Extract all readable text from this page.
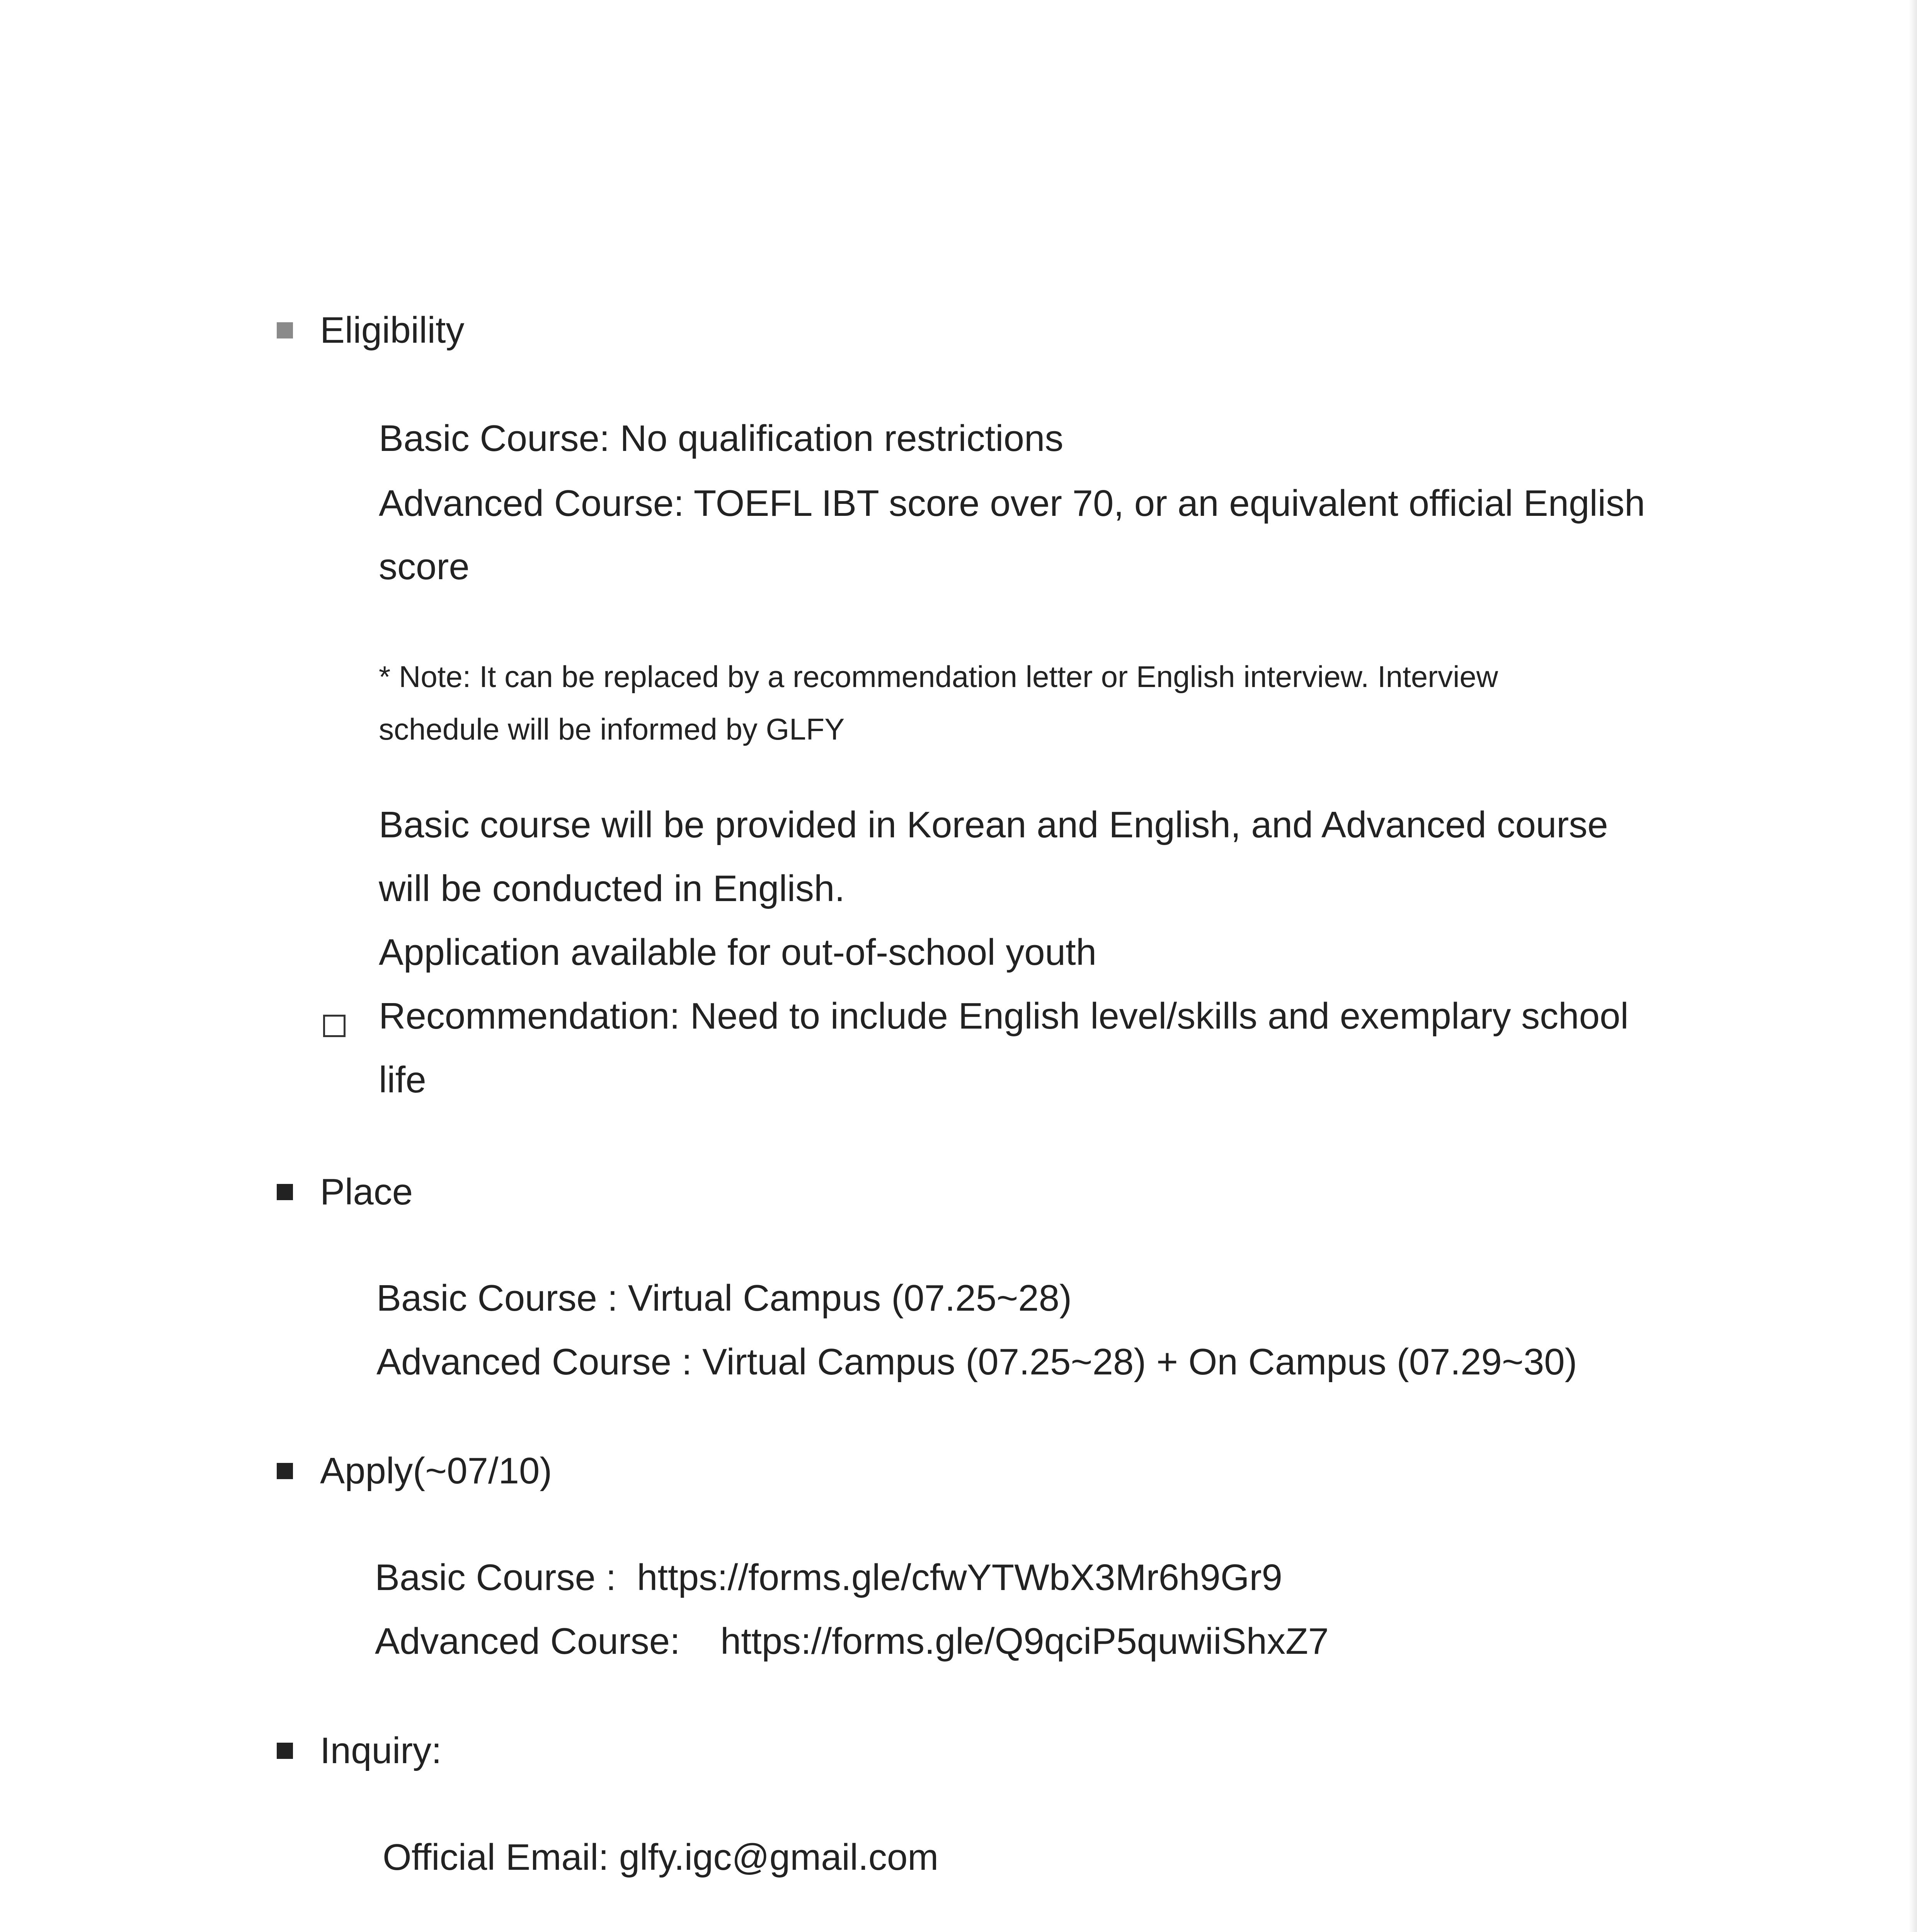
Eligibility
Basic Course: No qualification restrictions
Advanced Course: TOEFL IBT score over 70, or an equivalent official English
score
* Note: It can be replaced by a recommendation letter or English interview. Interview
schedule will be informed by GLFY
Basic course will be provided in Korean and English, and Advanced course
will be conducted in English.
Application available for out-of-school youth
Recommendation: Need to include English level/skills and exemplary school
life
Place
Basic Course : Virtual Campus (07.25~28)
Advanced Course : Virtual Campus (07.25~28) + On Campus (07.29~30)
Apply(~07/10)
Basic Course : https://forms.gle/cfwYTWbX3Mr6h9Gr9
Advanced Course: https://forms.gle/Q9qciP5quwiiShxZ7
Inquiry:
Official Email: glfy.igc@gmail.com
